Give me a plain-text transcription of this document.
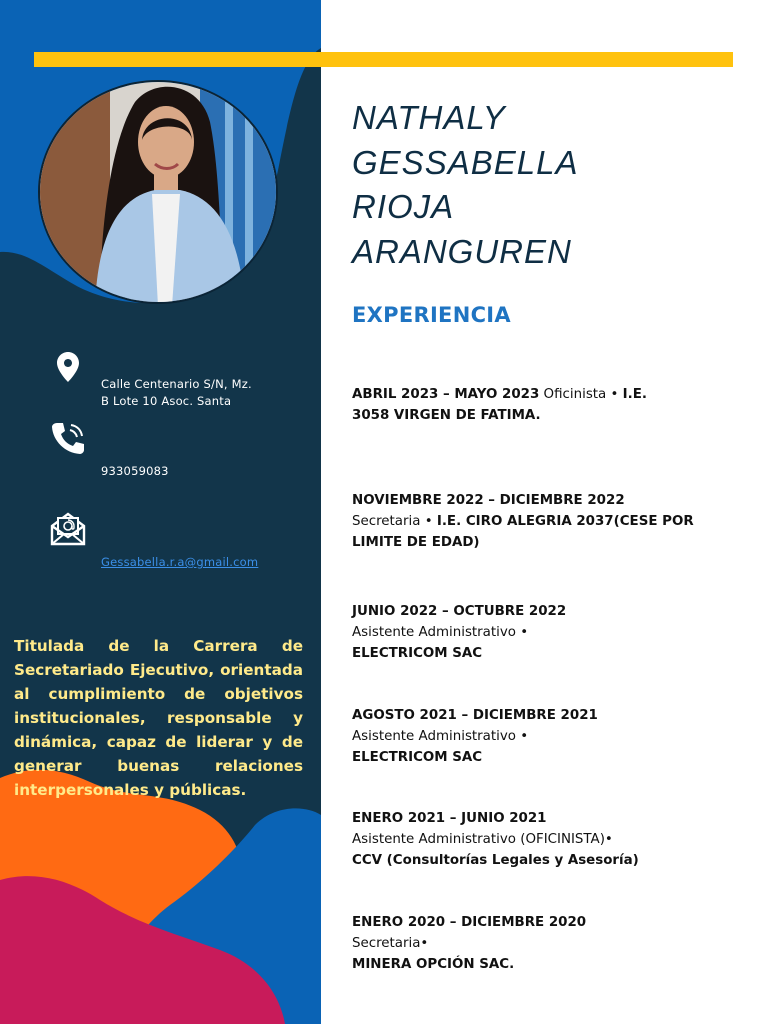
Calle Centenario S/N, Mz.
B Lote 10 Asoc. Santa
933059083
Gessabella.r.a@gmail.com
Titulada de la Carrera de
Secretariado Ejecutivo, orientada
al cumplimiento de objetivos
institucionales, responsable y
dinámica, capaz de liderar y de
generar buenas relaciones
interpersonales y públicas.
NATHALY
GESSABELLA
RIOJA
ARANGUREN
EXPERIENCIA
ABRIL 2023 – MAYO 2023 Oficinista • I.E.
3058 VIRGEN DE FATIMA.
NOVIEMBRE 2022 – DICIEMBRE 2022
Secretaria • I.E. CIRO ALEGRIA 2037(CESE POR
LIMITE DE EDAD)
JUNIO 2022 – OCTUBRE 2022
Asistente Administrativo •
ELECTRICOM SAC
AGOSTO 2021 – DICIEMBRE 2021
Asistente Administrativo •
ELECTRICOM SAC
ENERO 2021 – JUNIO 2021
Asistente Administrativo (OFICINISTA)•
CCV (Consultorías Legales y Asesoría)
ENERO 2020 – DICIEMBRE 2020
Secretaria•
MINERA OPCIÓN SAC.
